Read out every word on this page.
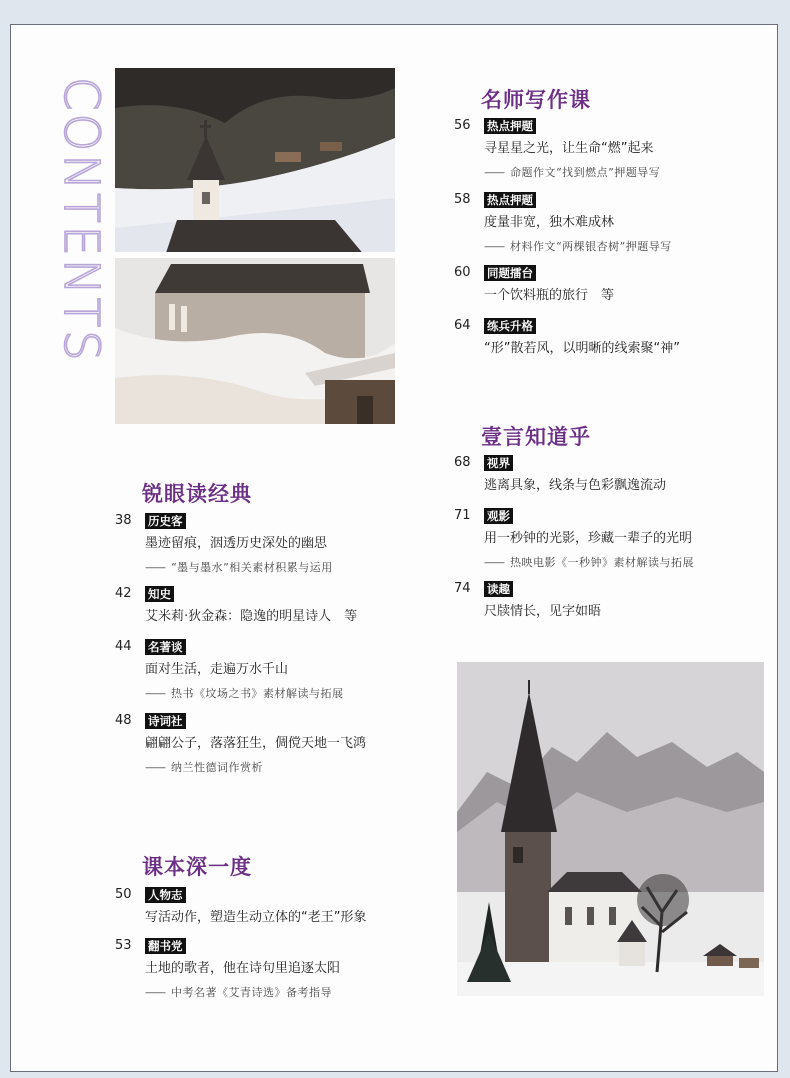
CONTENTS	名师写作课
56	热点押题
寻星星之光，让生命“燃”起来
—— 命题作文“找到燃点”押题导写
58	热点押题
度量非宽，独木难成林
—— 材料作文“两棵银杏树”押题导写
60	同题擂台
一个饮料瓶的旅行　等
64	练兵升格
“形”散若风，以明晰的线索聚“神”
壹言知道乎
68	视界
逃离具象，线条与色彩飘逸流动
71	观影
用一秒钟的光影，珍藏一辈子的光明
—— 热映电影《一秒钟》素材解读与拓展
74	读趣
尺牍情长，见字如晤
锐眼读经典
38	历史客
墨迹留痕，洇透历史深处的幽思
—— “墨与墨水”相关素材积累与运用
42	知史
艾米莉·狄金森：隐逸的明星诗人　等
44	名著谈
面对生活，走遍万水千山
—— 热书《坟场之书》素材解读与拓展
48	诗词社
翩翩公子，落落狂生，倜傥天地一飞鸿
—— 纳兰性德词作赏析
课本深一度
50	人物志
写活动作，塑造生动立体的“老王”形象
53	翻书党
土地的歌者，他在诗句里追逐太阳
—— 中考名著《艾青诗选》备考指导
